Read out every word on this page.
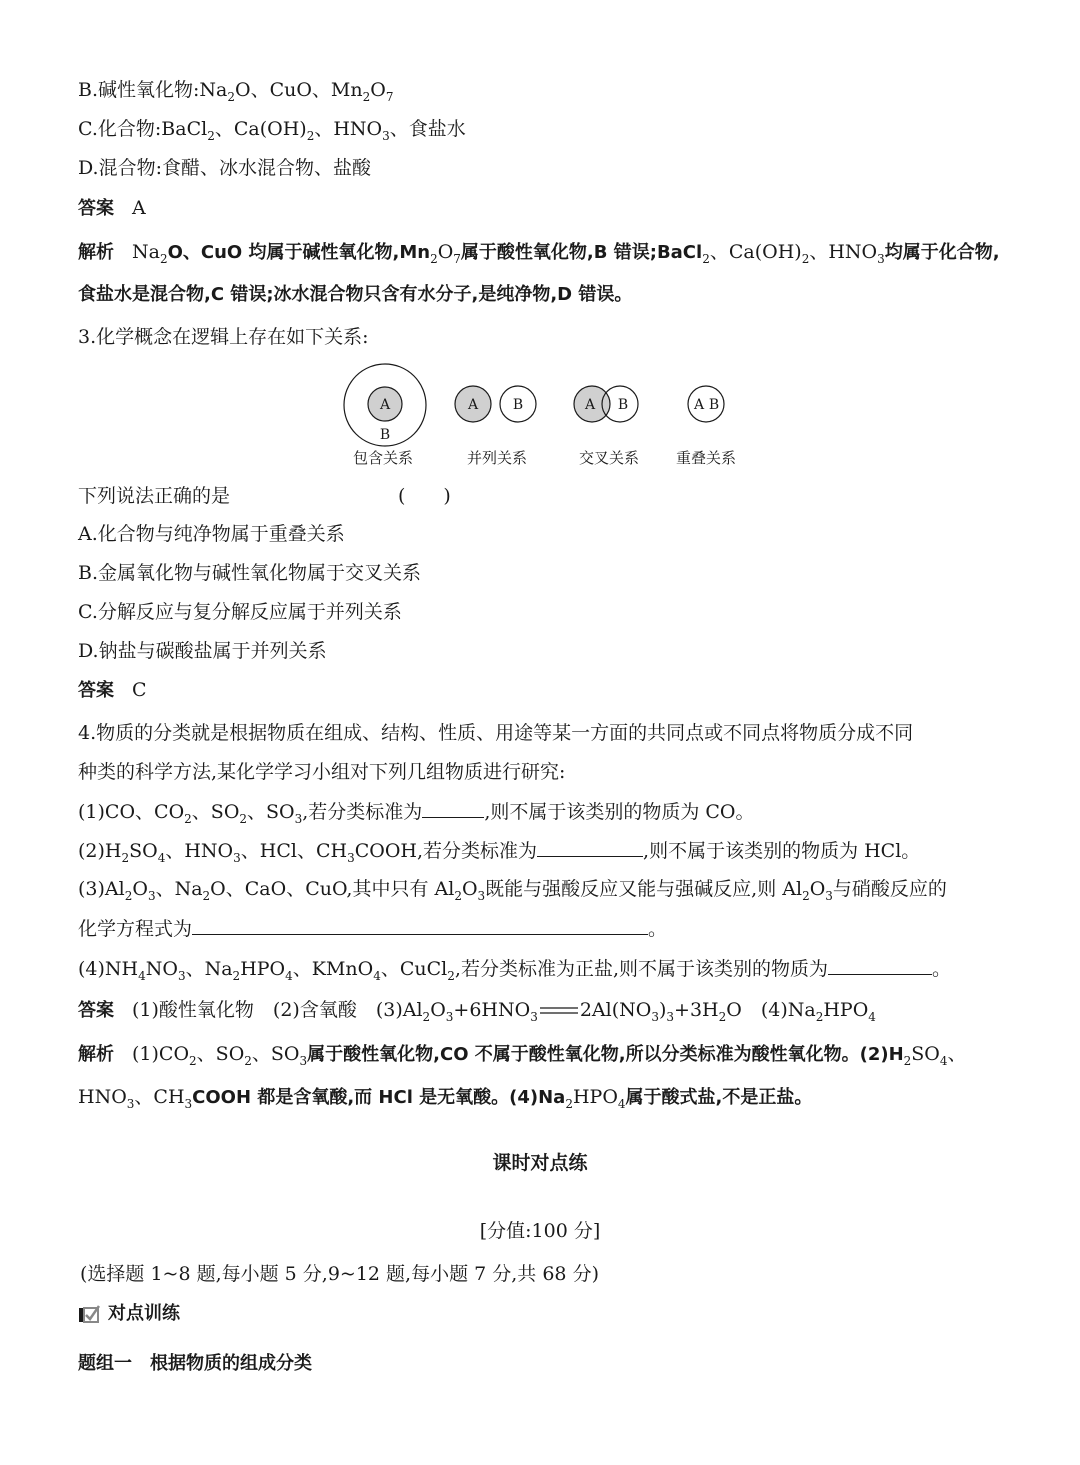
B.碱性氧化物$:Na_2O$、CuO、$Mn_2O_7$
C.化合物:BaCl$_2$、$Ca(OH)_2$、$HNO_3$、食盐水
D.混合物:食醋、冰水混合物、盐酸
答案 A
解析 $Na_2O$、CuO 均属于碱性氧化物$,Mn_2O_7$属于酸性氧化物,B 错误;BaCl$_2$、$Ca(OH)_2$、$HNO_3$均属于化合物,
食盐水是混合物,C 错误;冰水混合物只含有水分子,是纯净物,D 错误。
3.化学概念在逻辑上存在如下关系:
A
B
包含关系
A B
并列关系
A B
交叉关系
A B
重叠关系
下列说法正确的是	(　　)
A.化合物与纯净物属于重叠关系
B.金属氧化物与碱性氧化物属于交叉关系
C.分解反应与复分解反应属于并列关系
D.钠盐与碳酸盐属于并列关系
答案 C
4.物质的分类就是根据物质在组成、结构、性质、用途等某一方面的共同点或不同点将物质分成不同
种类的科学方法,某化学学习小组对下列几组物质进行研究:
(1)CO、$CO_2$、$SO_2$、$SO_3$,若分类标准为	,则不属于该类别的物质为 CO。
$(2)H_2SO_4$、$HNO_3$、HCl、$CH_3COOH$,若分类标准为	,则不属于该类别的物质为 HCl。
$(3)Al_2O_3$、$Na_2O$、CaO、CuO,其中只有 $Al_2O_3$既能与强酸反应又能与强碱反应,则 $Al_2O_3$与硝酸反应的
化学方程式为	。
$(4)NH_4NO_3$、$Na_2HPO_4$、KMnO$_4$、CuCl$_2$,若分类标准为正盐,则不属于该类别的物质为	。
答案 (1)酸性氧化物　(2)含氧酸　$(3)Al_2O_3+6HNO_3$ $2Al(NO_3)_3+3H_2O$　$(4)Na_2HPO_4$
解析 $(1)CO_2$、$SO_2$、$SO_3$属于酸性氧化物,CO 不属于酸性氧化物,所以分类标准为酸性氧化物。$(2)H_2SO_4$、
$HNO_3$、$CH_3COOH$ 都是含氧酸,而 HCl 是无氧酸。$(4)Na_2HPO_4$属于酸式盐,不是正盐。
课时对点练
[分值:100 分]
(选择题 1~8 题,每小题 5 分,9~12 题,每小题 7 分,共 68 分)
对点训练
题组一　根据物质的组成分类
